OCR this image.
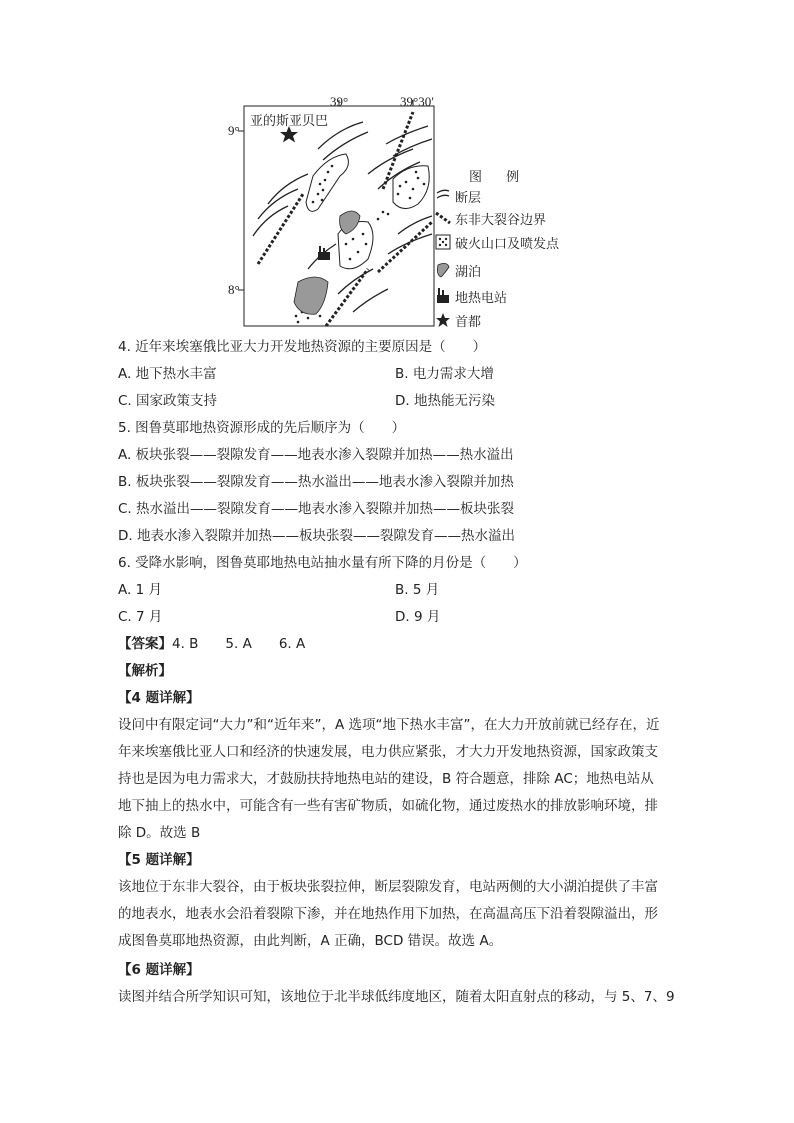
39°	39°30′
9°
8°
亚的斯亚贝巴
图 例
断层
东非大裂谷边界
破火山口及喷发点
湖泊
地热电站
首都
4. 近年来埃塞俄比亚大力开发地热资源的主要原因是（　　）
A. 地下热水丰富	B. 电力需求大增
C. 国家政策支持	D. 地热能无污染
5. 图鲁莫耶地热资源形成的先后顺序为（　　）
A. 板块张裂——裂隙发育——地表水渗入裂隙并加热——热水溢出
B. 板块张裂——裂隙发育——热水溢出——地表水渗入裂隙并加热
C. 热水溢出——裂隙发育——地表水渗入裂隙并加热——板块张裂
D. 地表水渗入裂隙并加热——板块张裂——裂隙发育——热水溢出
6. 受降水影响，图鲁莫耶地热电站抽水量有所下降的月份是（　　）
A. 1 月	B. 5 月
C. 7 月	D. 9 月
【答案】4. B　　5. A　　6. A
【解析】
【4 题详解】
设问中有限定词“大力”和“近年来”，A 选项“地下热水丰富”，在大力开放前就已经存在，近
年来埃塞俄比亚人口和经济的快速发展，电力供应紧张，才大力开发地热资源，国家政策支
持也是因为电力需求大，才鼓励扶持地热电站的建设，B 符合题意，排除 AC；地热电站从
地下抽上的热水中，可能含有一些有害矿物质，如硫化物，通过废热水的排放影响环境，排
除 D。故选 B
【5 题详解】
该地位于东非大裂谷，由于板块张裂拉伸，断层裂隙发育，电站两侧的大小湖泊提供了丰富
的地表水，地表水会沿着裂隙下渗，并在地热作用下加热，在高温高压下沿着裂隙溢出，形
成图鲁莫耶地热资源，由此判断，A 正确，BCD 错误。故选 A。
【6 题详解】
读图并结合所学知识可知，该地位于北半球低纬度地区，随着太阳直射点的移动，与 5、7、9
